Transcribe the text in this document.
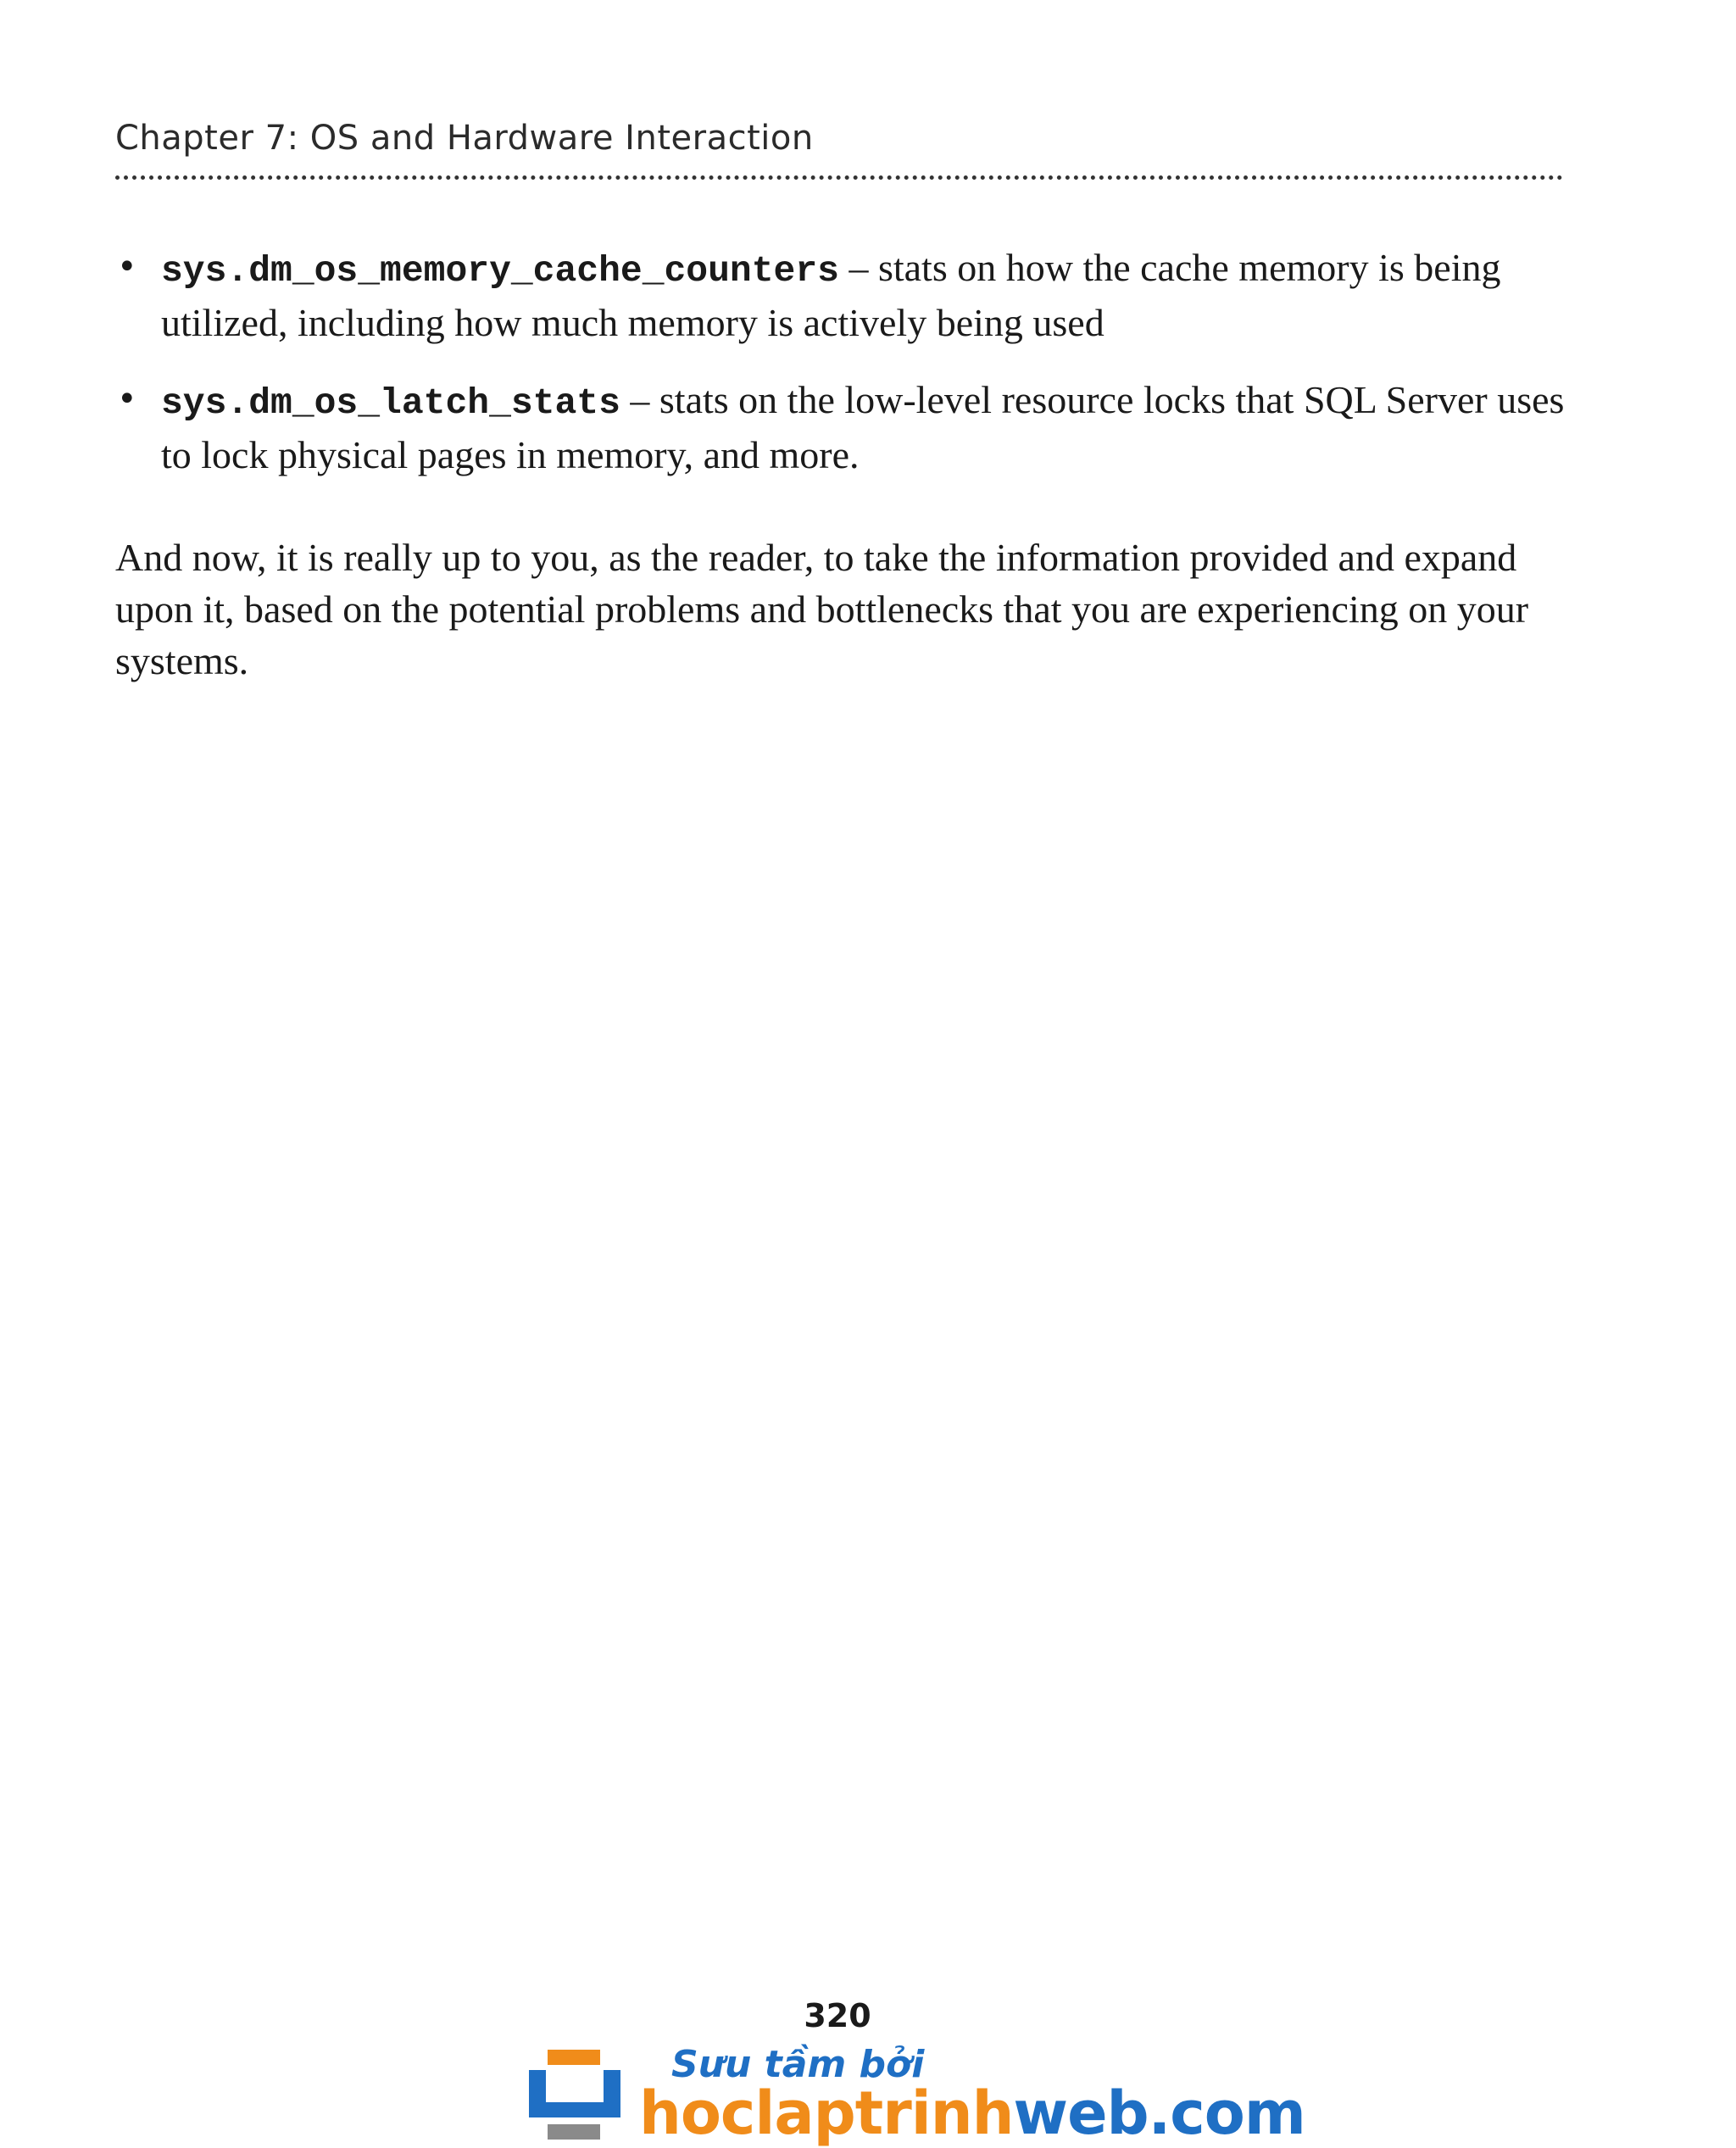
Chapter 7: OS and Hardware Interaction
• sys.dm_os_memory_cache_counters – stats on how the cache memory is being utilized, including how much memory is actively being used
• sys.dm_os_latch_stats – stats on the low-level resource locks that SQL Server uses to lock physical pages in memory, and more.

And now, it is really up to you, as the reader, to take the information provided and expand upon it, based on the potential problems and bottlenecks that you are experiencing on your systems.

320
Sưu tầm bởi
hoclaptrinhweb.com
